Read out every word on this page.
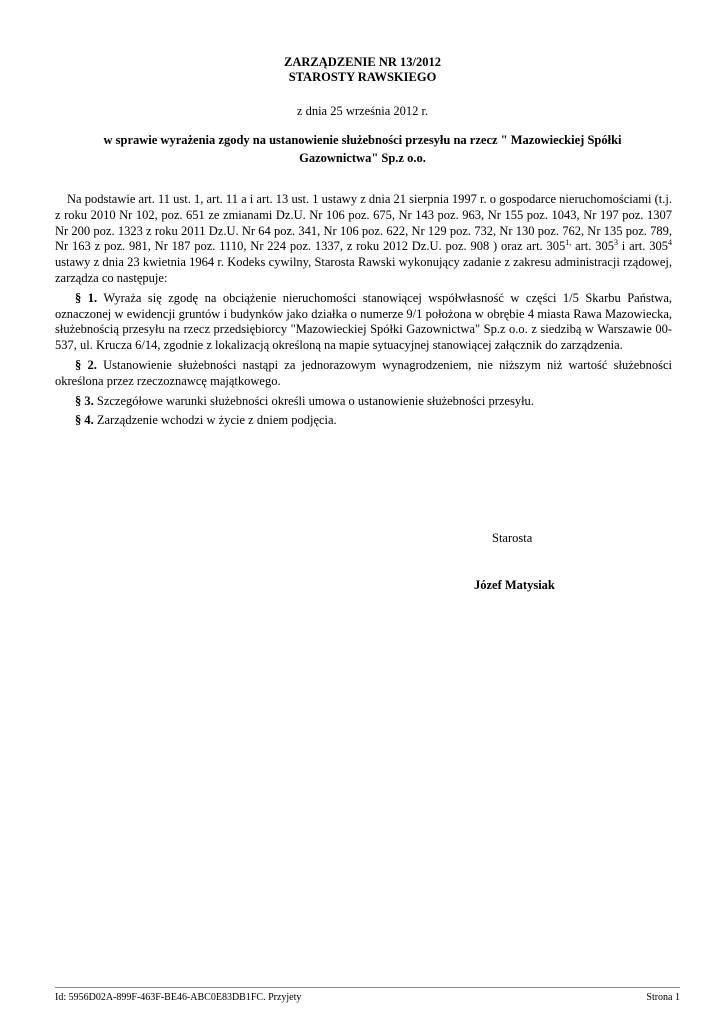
ZARZĄDZENIE NR 13/2012
STAROSTY RAWSKIEGO
z dnia 25 września 2012 r.
w sprawie wyrażenia zgody na ustanowienie służebności przesyłu na rzecz " Mazowieckiej Spółki Gazownictwa" Sp.z o.o.

Na podstawie art. 11 ust. 1, art. 11 a i art. 13 ust. 1 ustawy z dnia 21 sierpnia 1997 r. o gospodarce nieruchomościami (t.j. z roku 2010 Nr 102, poz. 651 ze zmianami Dz.U. Nr 106 poz. 675, Nr 143 poz. 963, Nr 155 poz. 1043, Nr 197 poz. 1307 Nr 200 poz. 1323 z roku 2011 Dz.U. Nr 64 poz. 341, Nr 106 poz. 622, Nr 129 poz. 732, Nr 130 poz. 762, Nr 135 poz. 789, Nr 163 z poz. 981, Nr 187 poz. 1110, Nr 224 poz. 1337, z roku 2012 Dz.U. poz. 908 ) oraz art. $305^{1,}$ art. $305^3$ i art. $305^4$ ustawy z dnia 23 kwietnia 1964 r. Kodeks cywilny, Starosta Rawski wykonujący zadanie z zakresu administracji rządowej, zarządza co następuje:

§ 1. Wyraża się zgodę na obciążenie nieruchomości stanowiącej współwłasność w części 1/5 Skarbu Państwa, oznaczonej w ewidencji gruntów i budynków jako działka o numerze 9/1 położona w obrębie 4 miasta Rawa Mazowiecka, służebnością przesyłu na rzecz przedsiębiorcy "Mazowieckiej Spółki Gazownictwa" Sp.z o.o. z siedzibą w Warszawie 00-537, ul. Krucza 6/14, zgodnie z lokalizacją określoną na mapie sytuacyjnej stanowiącej załącznik do zarządzenia.

§ 2. Ustanowienie służebności nastąpi za jednorazowym wynagrodzeniem, nie niższym niż wartość służebności określona przez rzeczoznawcę majątkowego.

§ 3. Szczegółowe warunki służebności określi umowa o ustanowienie służebności przesyłu.

§ 4. Zarządzenie wchodzi w życie z dniem podjęcia.

Starosta
Józef Matysiak
Id: 5956D02A-899F-463F-BE46-ABC0E83DB1FC. Przyjety	Strona 1
